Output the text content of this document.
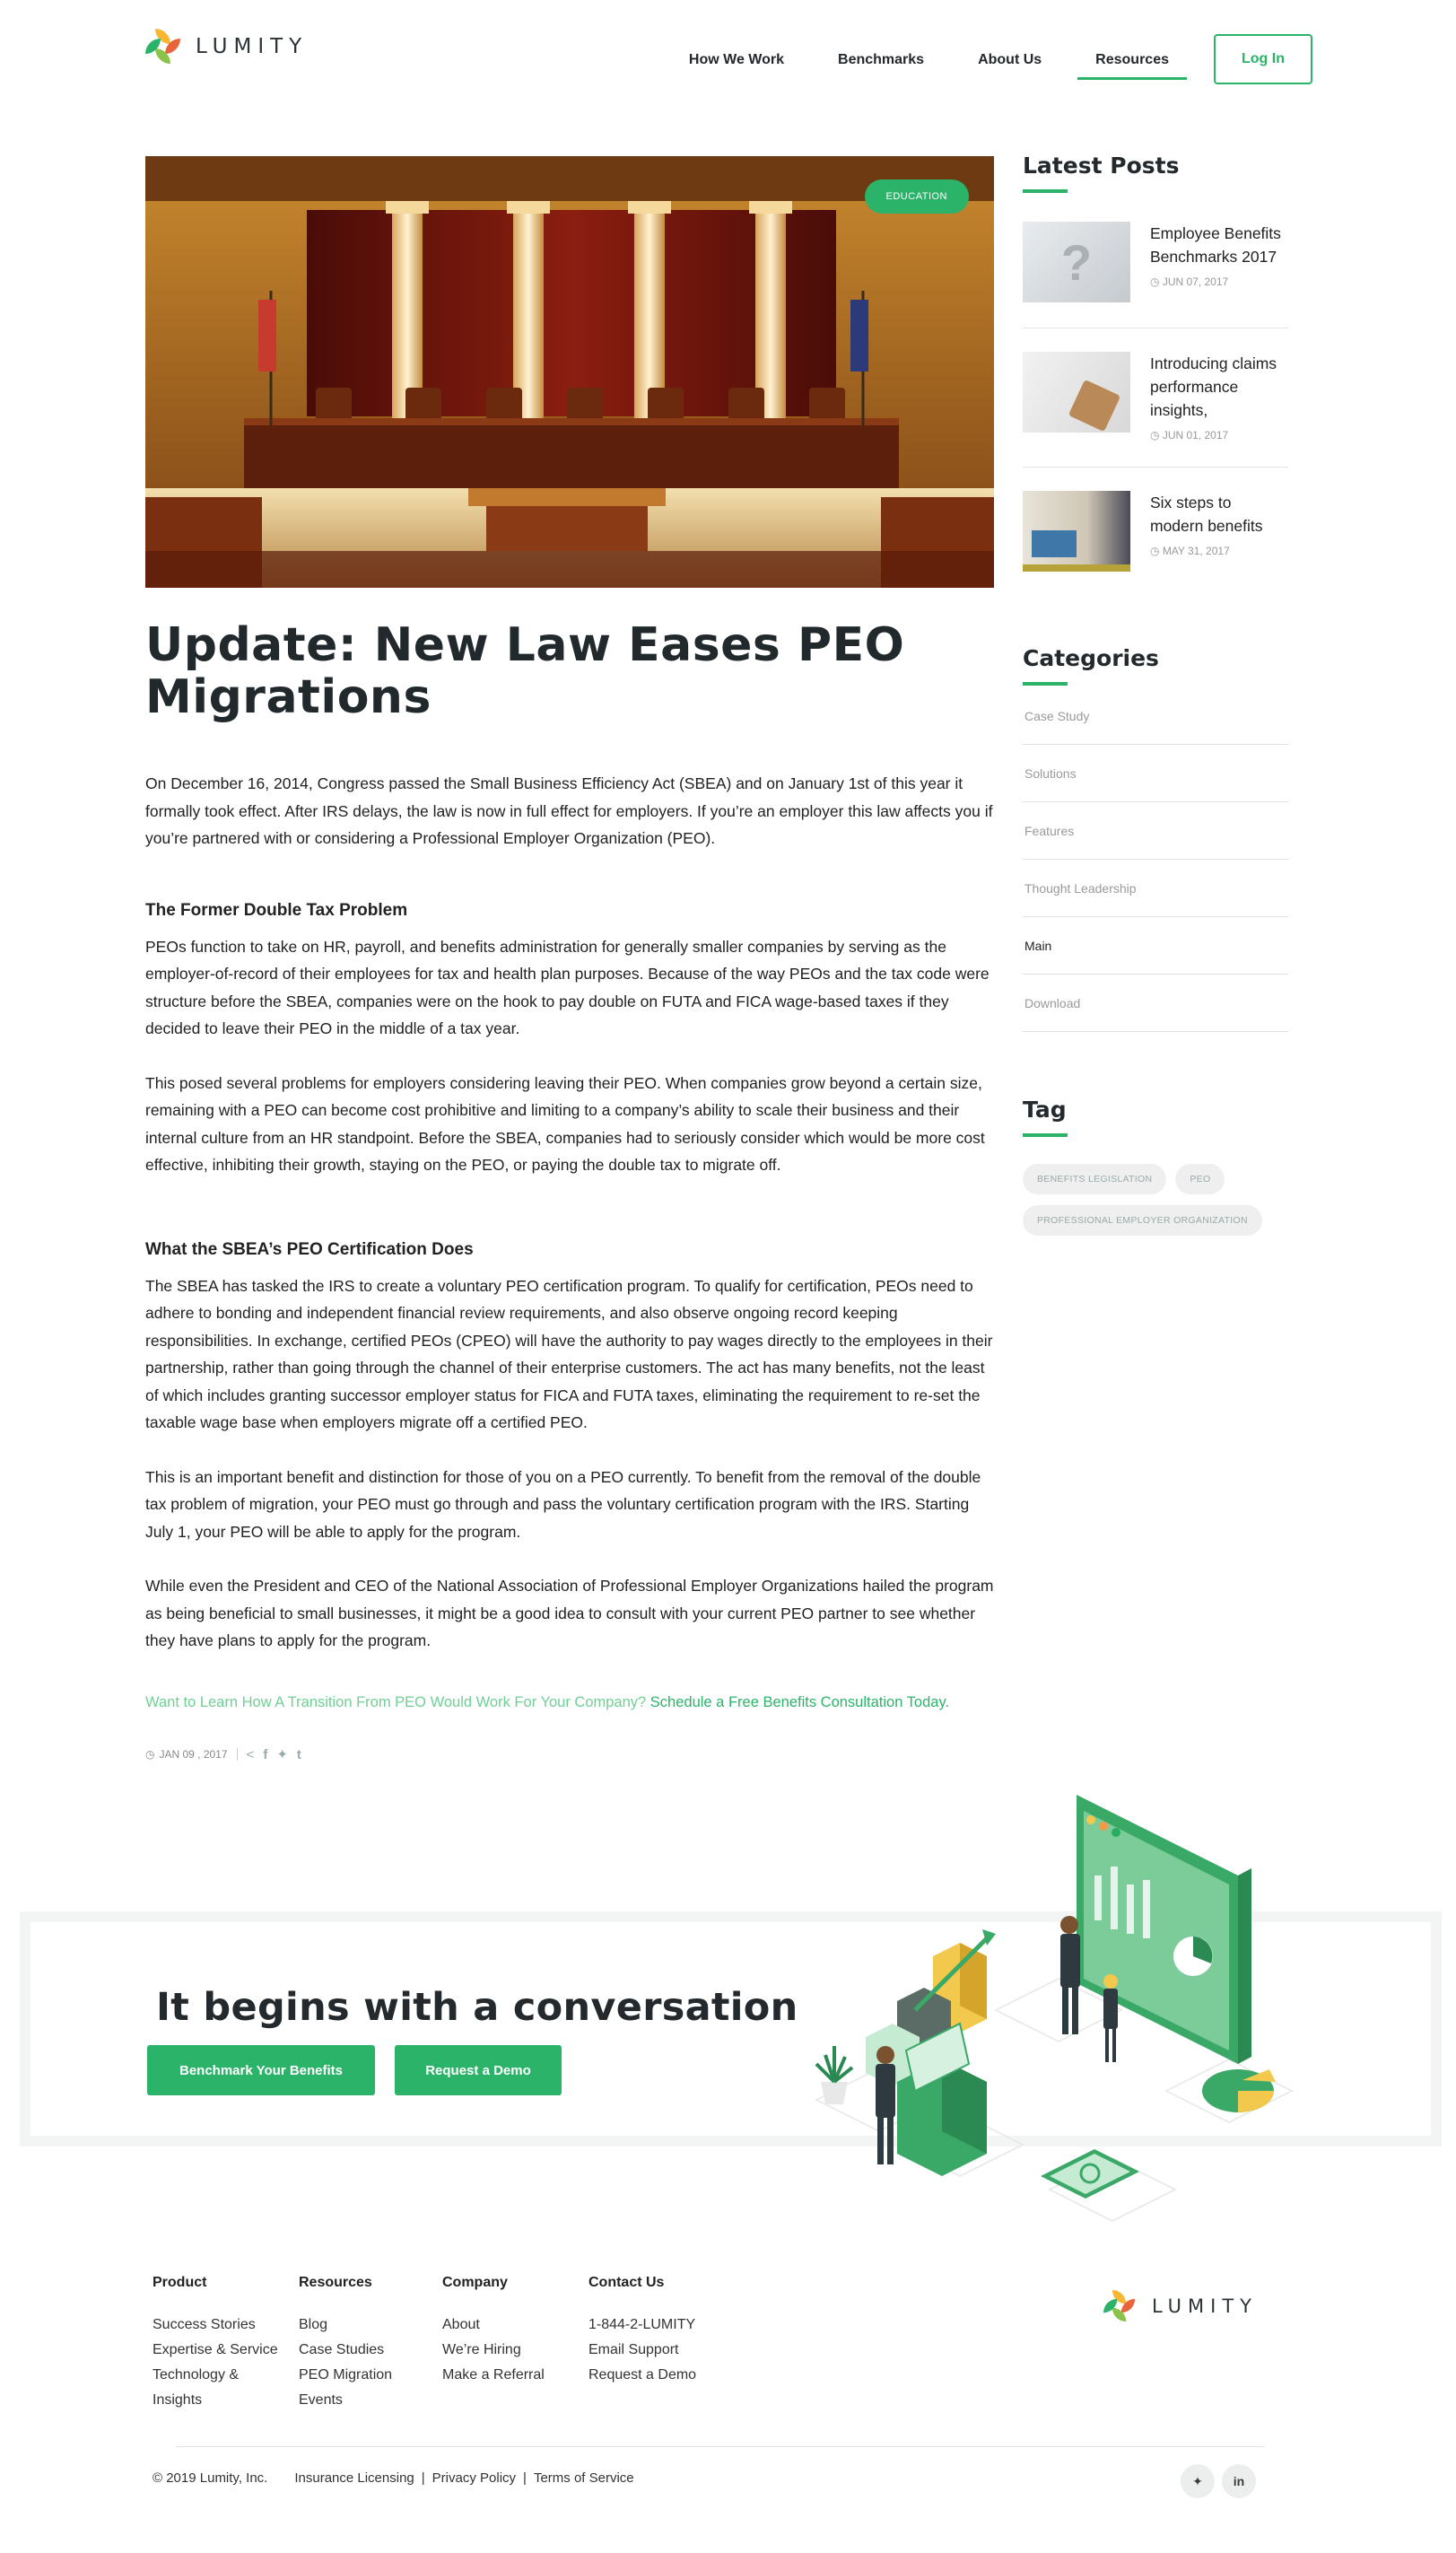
LUMITY
How We Work	Benchmarks	About Us	Resources	Log In
EDUCATION
Update: New Law Eases PEO Migrations

On December 16, 2014, Congress passed the Small Business Efficiency Act (SBEA) and on January 1st of this year it formally took effect. After IRS delays, the law is now in full effect for employers. If you’re an employer this law affects you if you’re partnered with or considering a Professional Employer Organization (PEO).

The Former Double Tax Problem

PEOs function to take on HR, payroll, and benefits administration for generally smaller companies by serving as the employer-of-record of their employees for tax and health plan purposes. Because of the way PEOs and the tax code were structure before the SBEA, companies were on the hook to pay double on FUTA and FICA wage-based taxes if they decided to leave their PEO in the middle of a tax year.

This posed several problems for employers considering leaving their PEO. When companies grow beyond a certain size, remaining with a PEO can become cost prohibitive and limiting to a company’s ability to scale their business and their internal culture from an HR standpoint. Before the SBEA, companies had to seriously consider which would be more cost effective, inhibiting their growth, staying on the PEO, or paying the double tax to migrate off.

What the SBEA’s PEO Certification Does

The SBEA has tasked the IRS to create a voluntary PEO certification program. To qualify for certification, PEOs need to adhere to bonding and independent financial review requirements, and also observe ongoing record keeping responsibilities. In exchange, certified PEOs (CPEO) will have the authority to pay wages directly to the employees in their partnership, rather than going through the channel of their enterprise customers. The act has many benefits, not the least of which includes granting successor employer status for FICA and FUTA taxes, eliminating the requirement to re-set the taxable wage base when employers migrate off a certified PEO.

This is an important benefit and distinction for those of you on a PEO currently. To benefit from the removal of the double tax problem of migration, your PEO must go through and pass the voluntary certification program with the IRS. Starting July 1, your PEO will be able to apply for the program.

While even the President and CEO of the National Association of Professional Employer Organizations hailed the program as being beneficial to small businesses, it might be a good idea to consult with your current PEO partner to see whether they have plans to apply for the program.

Want to Learn How A Transition From PEO Would Work For Your Company? Schedule a Free Benefits Consultation Today.

◷ JAN 09 , 2017 < f ✦ t
Latest Posts
?
Employee Benefits Benchmarks 2017
◷ JUN 07, 2017
Introducing claims performance insights,
◷ JUN 01, 2017
Six steps to modern benefits
◷ MAY 31, 2017
Categories
Case Study
Solutions
Features
Thought Leadership
Main
Download
Tag
BENEFITS LEGISLATION	PEO
PROFESSIONAL EMPLOYER ORGANIZATION
It begins with a conversation
Benchmark Your Benefits	Request a Demo
Product
Success Stories
Expertise & Service
Technology &
Insights
Resources
Blog
Case Studies
PEO Migration
Events
Company
About
We’re Hiring
Make a Referral
Contact Us
1-844-2-LUMITY
Email Support
Request a Demo
LUMITY
© 2019 Lumity, Inc. Insurance Licensing | Privacy Policy | Terms of Service	✦	in
